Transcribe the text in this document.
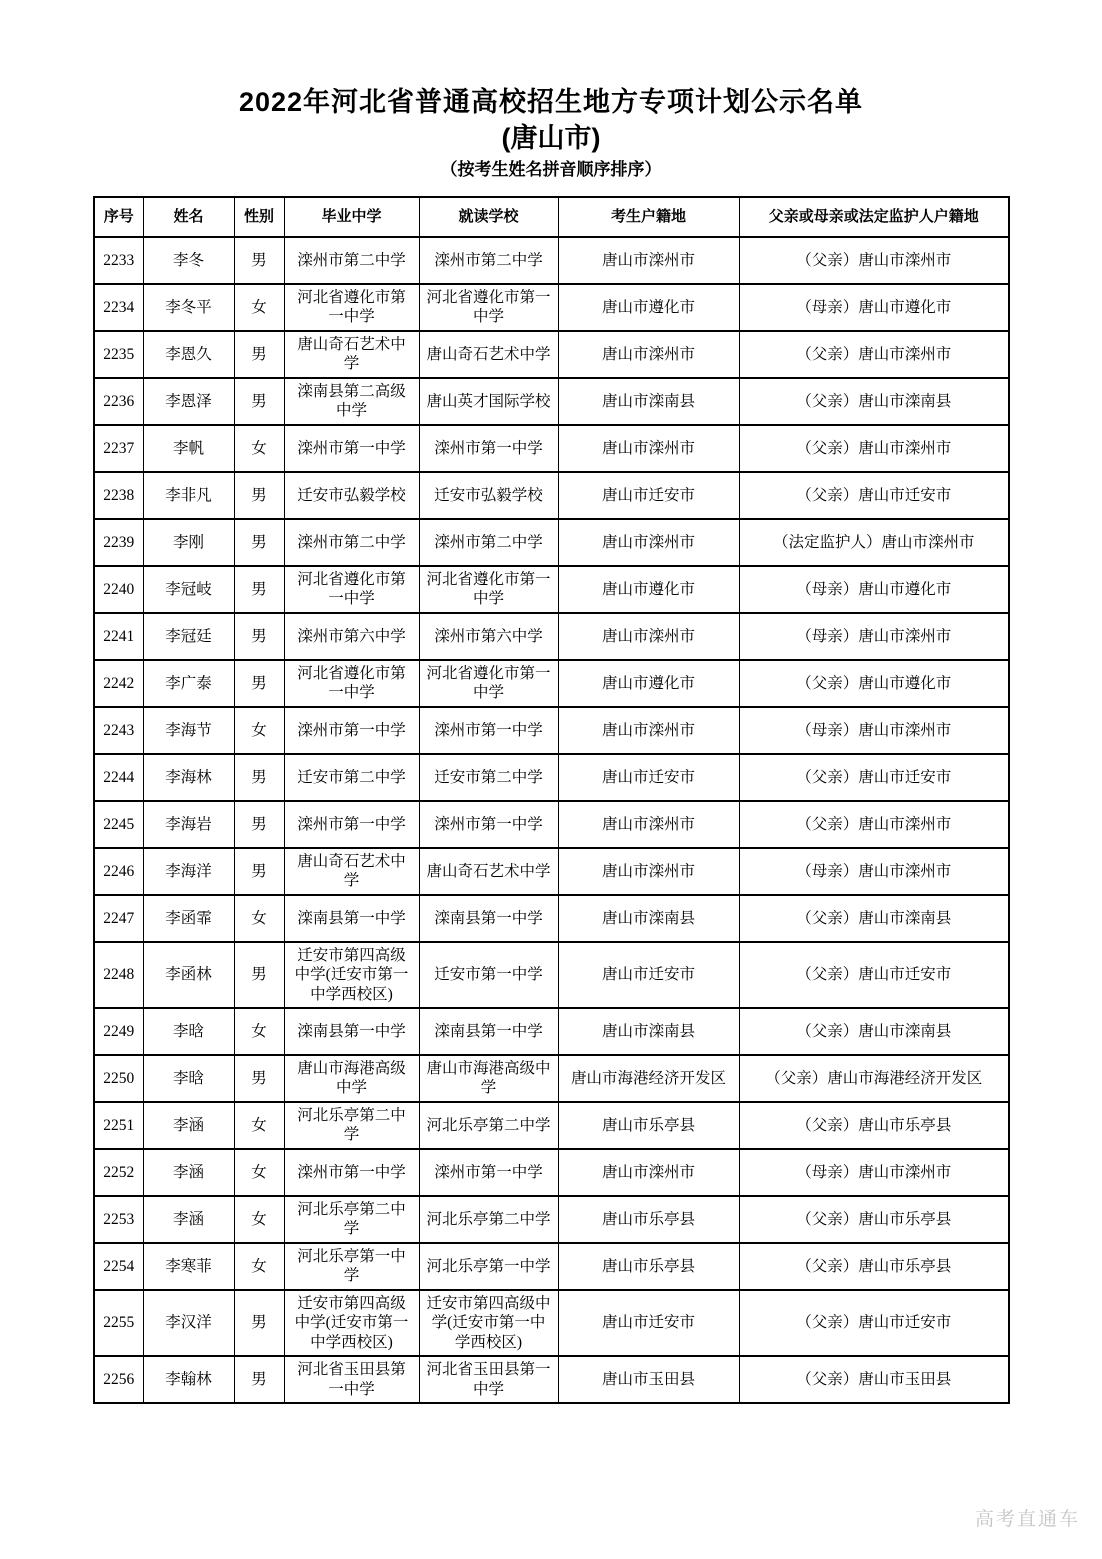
2022年河北省普通高校招生地方专项计划公示名单
(唐山市)
（按考生姓名拼音顺序排序）
序号	姓名	性别	毕业中学	就读学校	考生户籍地	父亲或母亲或法定监护人户籍地
2233	李冬	男	滦州市第二中学	滦州市第二中学	唐山市滦州市	（父亲）唐山市滦州市
2234	李冬平	女	河北省遵化市第一中学	河北省遵化市第一中学	唐山市遵化市	（母亲）唐山市遵化市
2235	李恩久	男	唐山奇石艺术中学	唐山奇石艺术中学	唐山市滦州市	（父亲）唐山市滦州市
2236	李恩泽	男	滦南县第二高级中学	唐山英才国际学校	唐山市滦南县	（父亲）唐山市滦南县
2237	李帆	女	滦州市第一中学	滦州市第一中学	唐山市滦州市	（父亲）唐山市滦州市
2238	李非凡	男	迁安市弘毅学校	迁安市弘毅学校	唐山市迁安市	（父亲）唐山市迁安市
2239	李刚	男	滦州市第二中学	滦州市第二中学	唐山市滦州市	（法定监护人）唐山市滦州市
2240	李冠岐	男	河北省遵化市第一中学	河北省遵化市第一中学	唐山市遵化市	（母亲）唐山市遵化市
2241	李冠廷	男	滦州市第六中学	滦州市第六中学	唐山市滦州市	（母亲）唐山市滦州市
2242	李广泰	男	河北省遵化市第一中学	河北省遵化市第一中学	唐山市遵化市	（父亲）唐山市遵化市
2243	李海节	女	滦州市第一中学	滦州市第一中学	唐山市滦州市	（母亲）唐山市滦州市
2244	李海林	男	迁安市第二中学	迁安市第二中学	唐山市迁安市	（父亲）唐山市迁安市
2245	李海岩	男	滦州市第一中学	滦州市第一中学	唐山市滦州市	（父亲）唐山市滦州市
2246	李海洋	男	唐山奇石艺术中学	唐山奇石艺术中学	唐山市滦州市	（母亲）唐山市滦州市
2247	李函霏	女	滦南县第一中学	滦南县第一中学	唐山市滦南县	（父亲）唐山市滦南县
2248	李函林	男	迁安市第四高级中学(迁安市第一中学西校区)	迁安市第一中学	唐山市迁安市	（父亲）唐山市迁安市
2249	李晗	女	滦南县第一中学	滦南县第一中学	唐山市滦南县	（父亲）唐山市滦南县
2250	李晗	男	唐山市海港高级中学	唐山市海港高级中学	唐山市海港经济开发区	（父亲）唐山市海港经济开发区
2251	李涵	女	河北乐亭第二中学	河北乐亭第二中学	唐山市乐亭县	（父亲）唐山市乐亭县
2252	李涵	女	滦州市第一中学	滦州市第一中学	唐山市滦州市	（母亲）唐山市滦州市
2253	李涵	女	河北乐亭第二中学	河北乐亭第二中学	唐山市乐亭县	（父亲）唐山市乐亭县
2254	李寒菲	女	河北乐亭第一中学	河北乐亭第一中学	唐山市乐亭县	（父亲）唐山市乐亭县
2255	李汉洋	男	迁安市第四高级中学(迁安市第一中学西校区)	迁安市第四高级中学(迁安市第一中学西校区)	唐山市迁安市	（父亲）唐山市迁安市
2256	李翰林	男	河北省玉田县第一中学	河北省玉田县第一中学	唐山市玉田县	（父亲）唐山市玉田县
高考直通车
